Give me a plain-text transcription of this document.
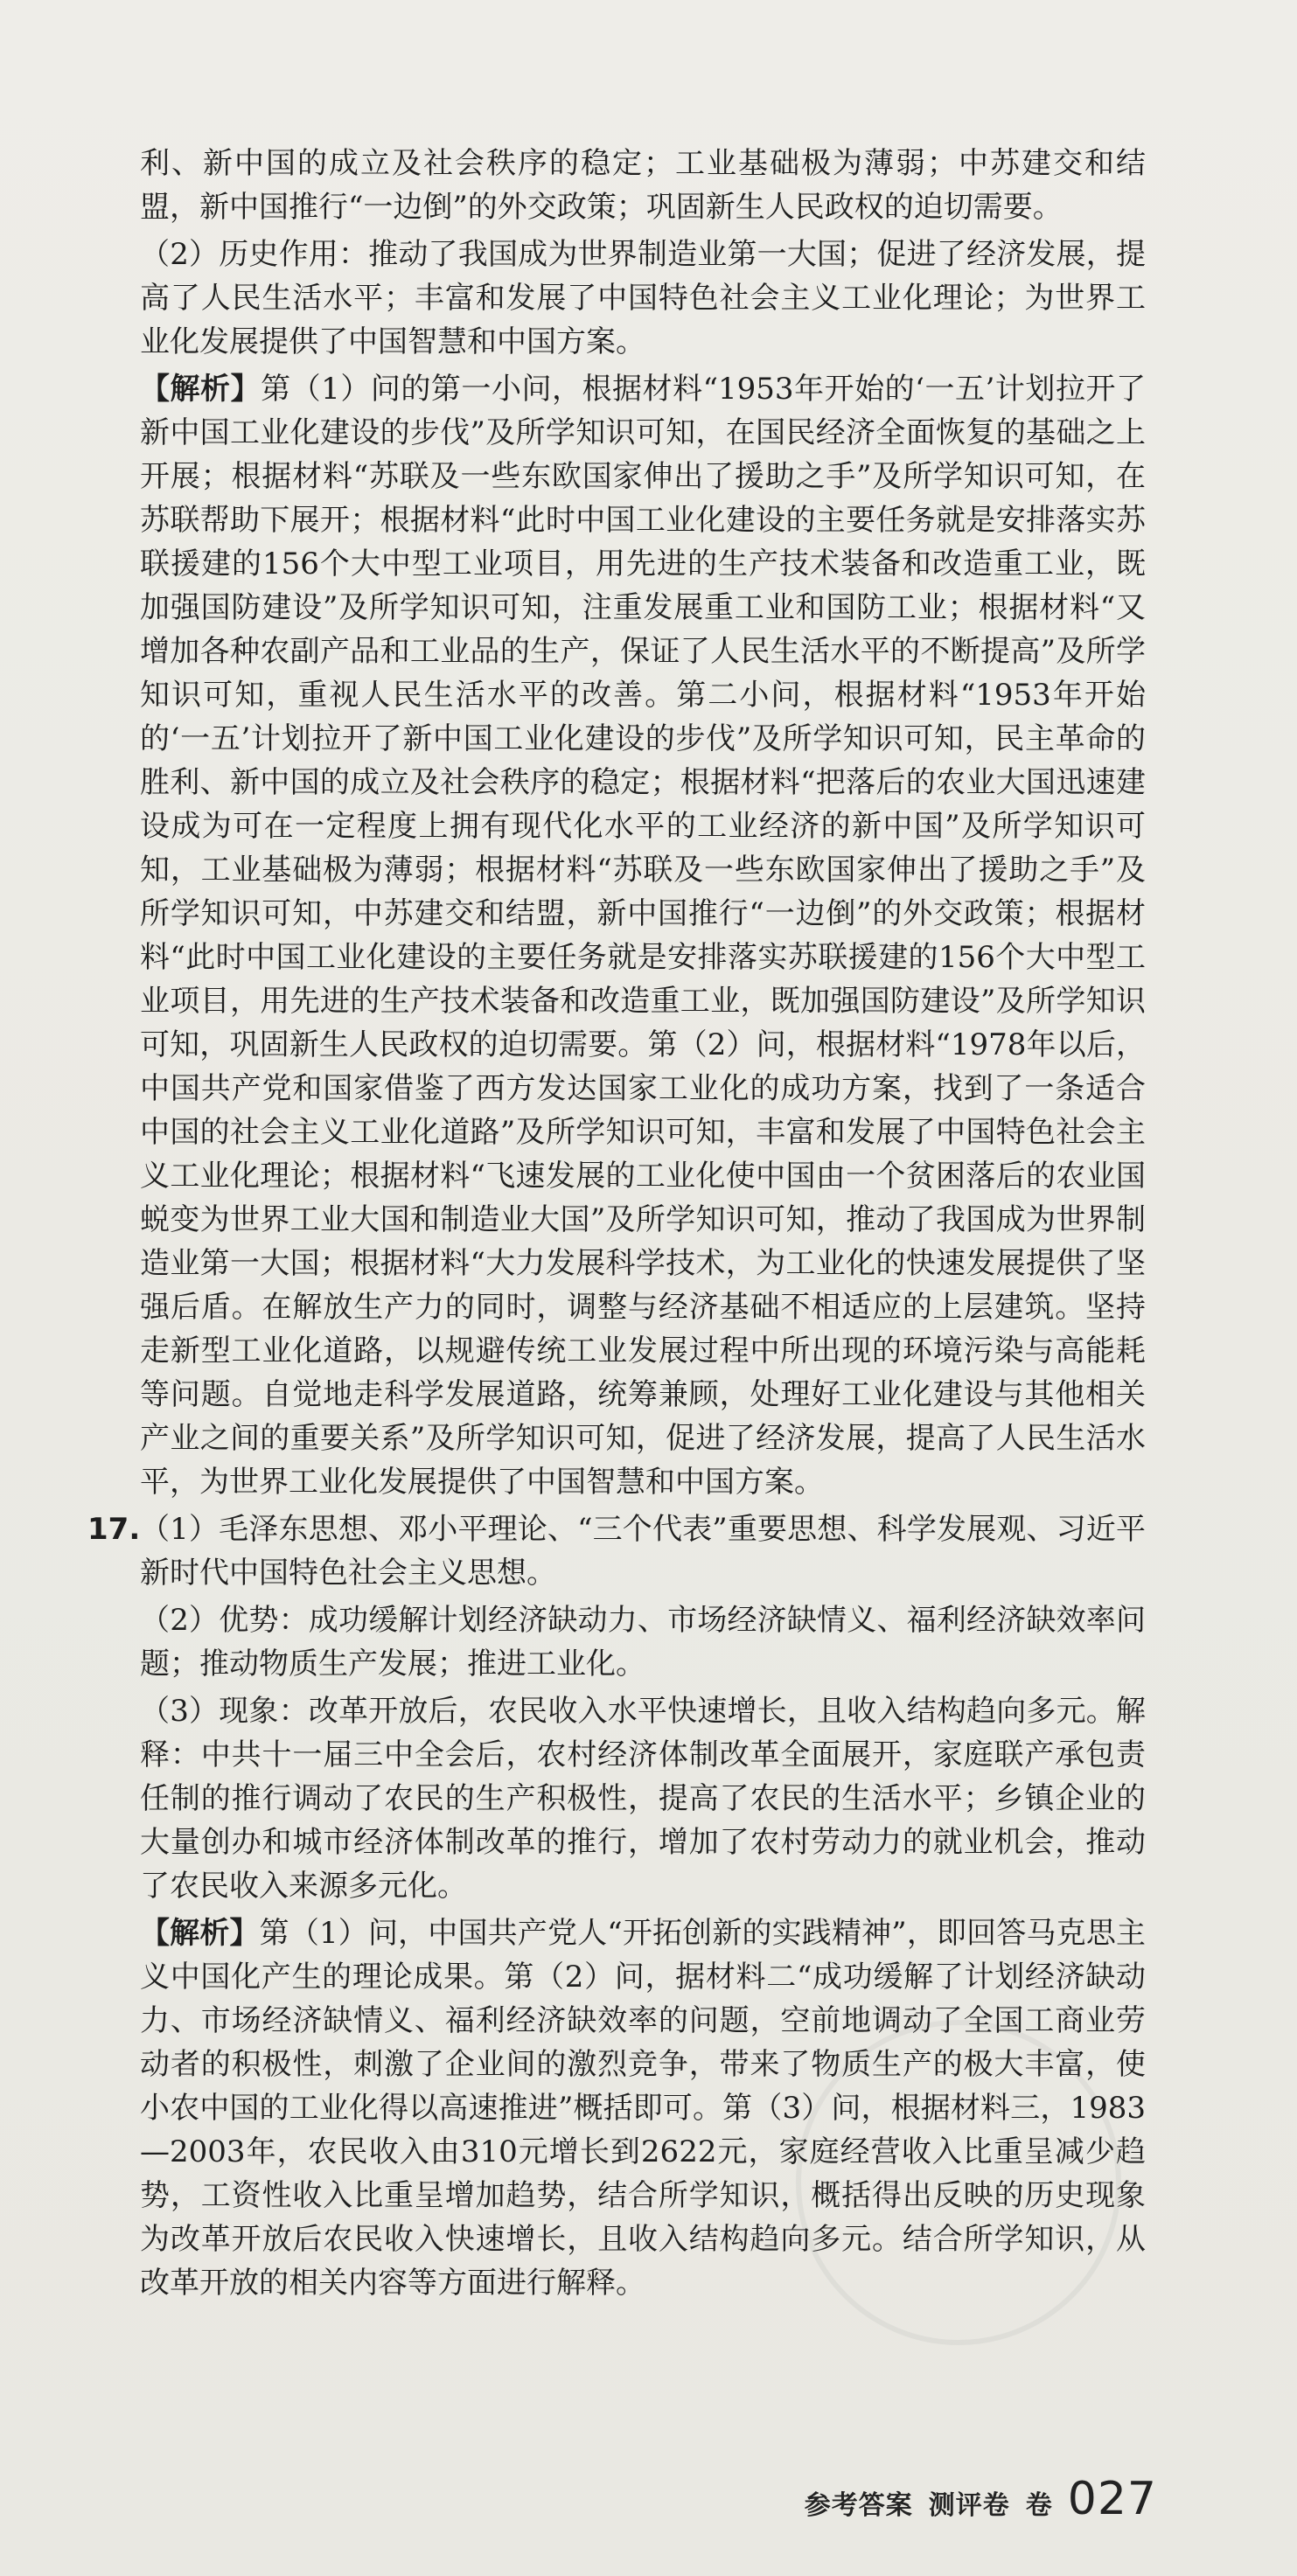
利、新中国的成立及社会秩序的稳定；工业基础极为薄弱；中苏建交和结盟，新中国推行“一边倒”的外交政策；巩固新生人民政权的迫切需要。

（2）历史作用：推动了我国成为世界制造业第一大国；促进了经济发展，提高了人民生活水平；丰富和发展了中国特色社会主义工业化理论；为世界工业化发展提供了中国智慧和中国方案。

【解析】第（1）问的第一小问，根据材料“1953年开始的‘一五’计划拉开了新中国工业化建设的步伐”及所学知识可知，在国民经济全面恢复的基础之上开展；根据材料“苏联及一些东欧国家伸出了援助之手”及所学知识可知，在苏联帮助下展开；根据材料“此时中国工业化建设的主要任务就是安排落实苏联援建的156个大中型工业项目，用先进的生产技术装备和改造重工业，既加强国防建设”及所学知识可知，注重发展重工业和国防工业；根据材料“又增加各种农副产品和工业品的生产，保证了人民生活水平的不断提高”及所学知识可知，重视人民生活水平的改善。第二小问，根据材料“1953年开始的‘一五’计划拉开了新中国工业化建设的步伐”及所学知识可知，民主革命的胜利、新中国的成立及社会秩序的稳定；根据材料“把落后的农业大国迅速建设成为可在一定程度上拥有现代化水平的工业经济的新中国”及所学知识可知，工业基础极为薄弱；根据材料“苏联及一些东欧国家伸出了援助之手”及所学知识可知，中苏建交和结盟，新中国推行“一边倒”的外交政策；根据材料“此时中国工业化建设的主要任务就是安排落实苏联援建的156个大中型工业项目，用先进的生产技术装备和改造重工业，既加强国防建设”及所学知识可知，巩固新生人民政权的迫切需要。第（2）问，根据材料“1978年以后，中国共产党和国家借鉴了西方发达国家工业化的成功方案，找到了一条适合中国的社会主义工业化道路”及所学知识可知，丰富和发展了中国特色社会主义工业化理论；根据材料“飞速发展的工业化使中国由一个贫困落后的农业国蜕变为世界工业大国和制造业大国”及所学知识可知，推动了我国成为世界制造业第一大国；根据材料“大力发展科学技术，为工业化的快速发展提供了坚强后盾。在解放生产力的同时，调整与经济基础不相适应的上层建筑。坚持走新型工业化道路，以规避传统工业发展过程中所出现的环境污染与高能耗等问题。自觉地走科学发展道路，统筹兼顾，处理好工业化建设与其他相关产业之间的重要关系”及所学知识可知，促进了经济发展，提高了人民生活水平，为世界工业化发展提供了中国智慧和中国方案。

17. （1）毛泽东思想、邓小平理论、“三个代表”重要思想、科学发展观、习近平新时代中国特色社会主义思想。

（2）优势：成功缓解计划经济缺动力、市场经济缺情义、福利经济缺效率问题；推动物质生产发展；推进工业化。

（3）现象：改革开放后，农民收入水平快速增长，且收入结构趋向多元。解释：中共十一届三中全会后，农村经济体制改革全面展开，家庭联产承包责任制的推行调动了农民的生产积极性，提高了农民的生活水平；乡镇企业的大量创办和城市经济体制改革的推行，增加了农村劳动力的就业机会，推动了农民收入来源多元化。

【解析】第（1）问，中国共产党人“开拓创新的实践精神”，即回答马克思主义中国化产生的理论成果。第（2）问，据材料二“成功缓解了计划经济缺动力、市场经济缺情义、福利经济缺效率的问题，空前地调动了全国工商业劳动者的积极性，刺激了企业间的激烈竞争，带来了物质生产的极大丰富，使小农中国的工业化得以高速推进”概括即可。第（3）问，根据材料三，1983—2003年，农民收入由310元增长到2622元，家庭经营收入比重呈减少趋势，工资性收入比重呈增加趋势，结合所学知识，概括得出反映的历史现象为改革开放后农民收入快速增长，且收入结构趋向多元。结合所学知识，从改革开放的相关内容等方面进行解释。

参考答案 测评卷 卷 027
